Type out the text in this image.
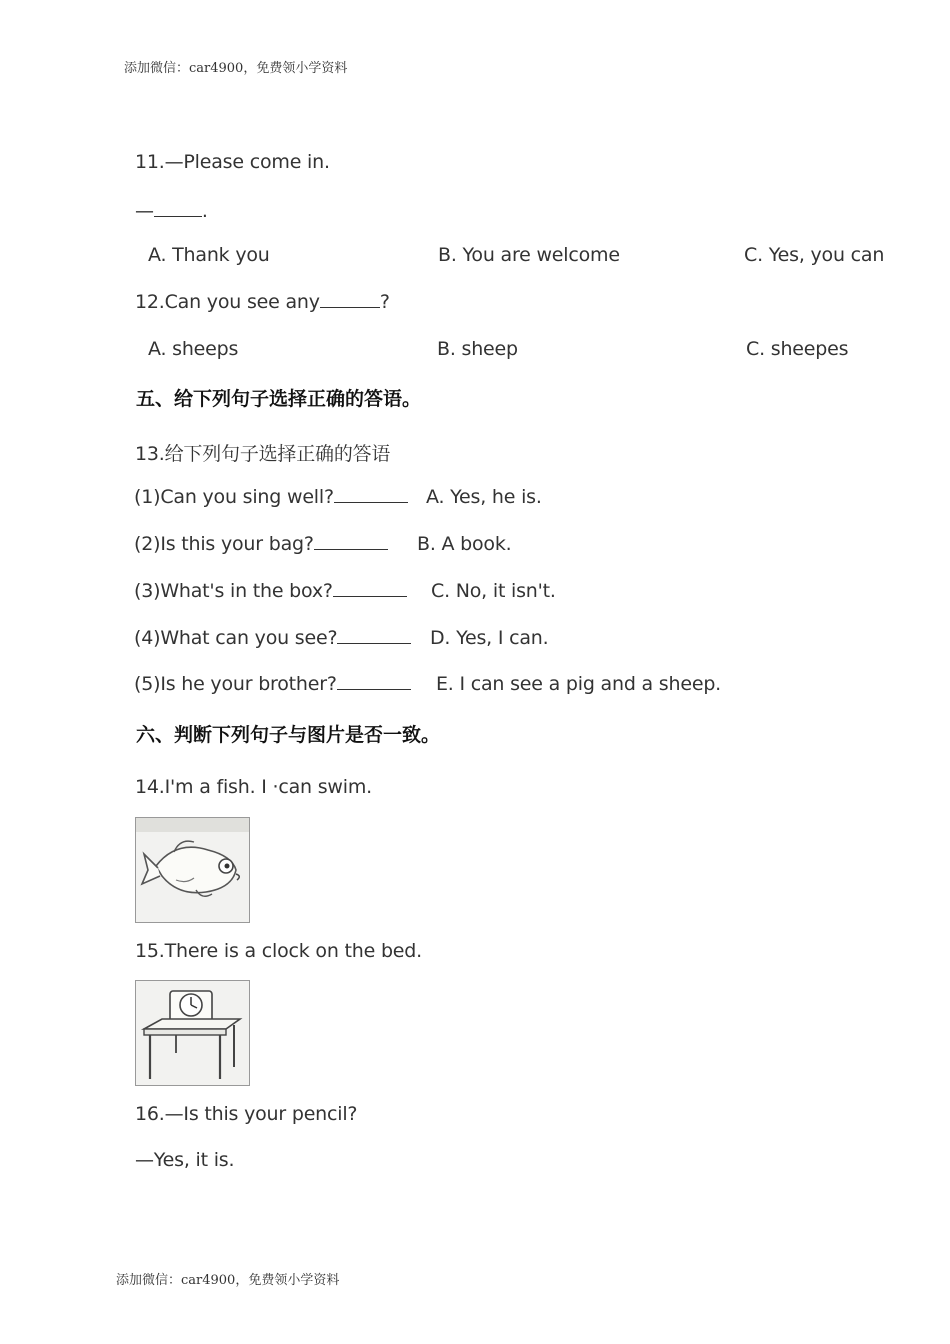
添加微信：car4900，免费领小学资料
11.—Please come in.
—	.
A. Thank you	B. You are welcome	C. Yes, you can
12.Can you see any	?
A. sheeps	B. sheep	C. sheepes
五、给下列句子选择正确的答语。
13.给下列句子选择正确的答语
(1)Can you sing well?	A. Yes, he is.
(2)Is this your bag?	B. A book.
(3)What's in the box?	C. No, it isn't.
(4)What can you see?	D. Yes, I can.
(5)Is he your brother?	E. I can see a pig and a sheep.
六、判断下列句子与图片是否一致。
14.I'm a fish. I ·can swim.
15.There is a clock on the bed.
16.—Is this your pencil?
—Yes, it is.
添加微信：car4900，免费领小学资料
